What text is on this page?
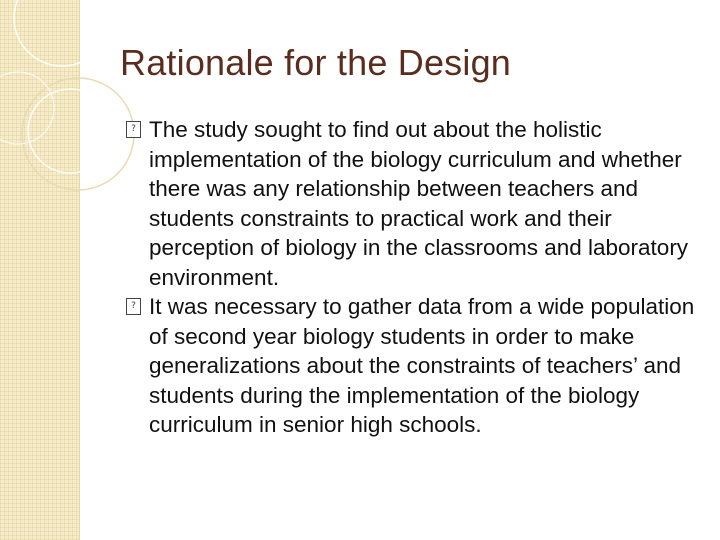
Rationale for the Design
? The study sought to find out about the holistic implementation of the biology curriculum and whether there was any relationship between teachers and students constraints to practical work and their perception of biology in the classrooms and laboratory environment.
? It was necessary to gather data from a wide population of second year biology students in order to make generalizations about the constraints of teachers’ and students during the implementation of the biology curriculum in senior high schools.
